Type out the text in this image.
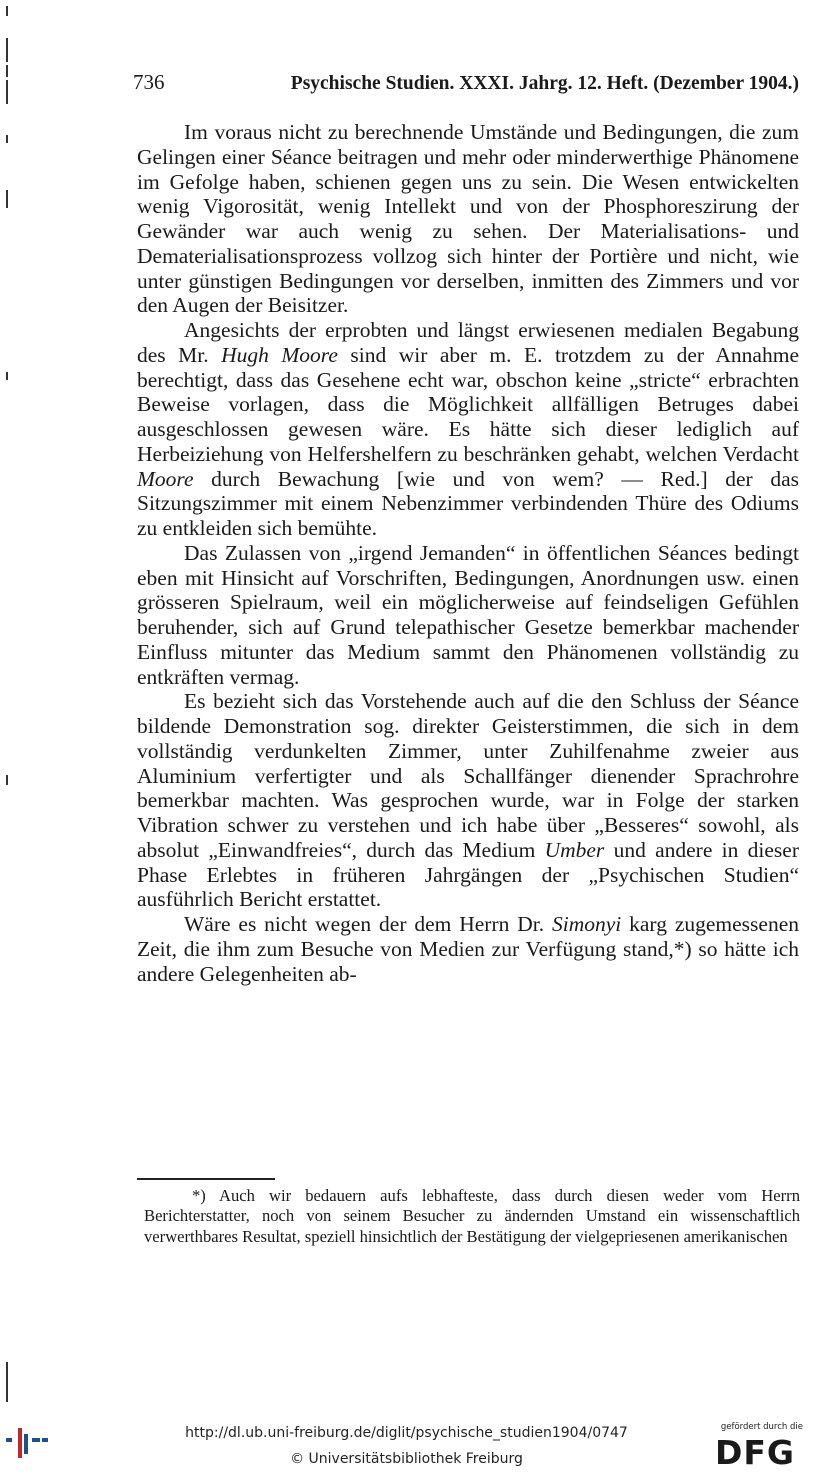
736	Psychische Studien. XXXI. Jahrg. 12. Heft. (Dezember 1904.)

Im voraus nicht zu berechnende Umstände und Bedingungen, die zum Gelingen einer Séance beitragen und mehr oder minderwerthige Phänomene im Gefolge haben, schienen gegen uns zu sein. Die Wesen entwickelten wenig Vigorosität, wenig Intellekt und von der Phosphoreszirung der Gewänder war auch wenig zu sehen. Der Materialisations- und Dematerialisationsprozess vollzog sich hinter der Portière und nicht, wie unter günstigen Bedingungen vor derselben, inmitten des Zimmers und vor den Augen der Beisitzer.

Angesichts der erprobten und längst erwiesenen medialen Begabung des Mr. Hugh Moore sind wir aber m. E. trotzdem zu der Annahme berechtigt, dass das Gesehene echt war, obschon keine „stricte“ erbrachten Beweise vorlagen, dass die Möglichkeit allfälligen Betruges dabei ausgeschlossen gewesen wäre. Es hätte sich dieser lediglich auf Herbeiziehung von Helfershelfern zu beschränken gehabt, welchen Verdacht Moore durch Bewachung [wie und von wem? — Red.] der das Sitzungszimmer mit einem Nebenzimmer verbindenden Thüre des Odiums zu entkleiden sich bemühte.

Das Zulassen von „irgend Jemanden“ in öffentlichen Séances bedingt eben mit Hinsicht auf Vorschriften, Bedingungen, Anordnungen usw. einen grösseren Spielraum, weil ein möglicherweise auf feindseligen Gefühlen beruhender, sich auf Grund telepathischer Gesetze bemerkbar machender Einfluss mitunter das Medium sammt den Phänomenen vollständig zu entkräften vermag.

Es bezieht sich das Vorstehende auch auf die den Schluss der Séance bildende Demonstration sog. direkter Geisterstimmen, die sich in dem vollständig verdunkelten Zimmer, unter Zuhilfenahme zweier aus Aluminium verfertigter und als Schallfänger dienender Sprachrohre bemerkbar machten. Was gesprochen wurde, war in Folge der starken Vibration schwer zu verstehen und ich habe über „Besseres“ sowohl, als absolut „Einwandfreies“, durch das Medium Umber und andere in dieser Phase Erlebtes in früheren Jahrgängen der „Psychischen Studien“ ausführlich Bericht erstattet.

Wäre es nicht wegen der dem Herrn Dr. Simonyi karg zugemessenen Zeit, die ihm zum Besuche von Medien zur Verfügung stand,*) so hätte ich andere Gelegenheiten ab-

*) Auch wir bedauern aufs lebhafteste, dass durch diesen weder vom Herrn Berichterstatter, noch von seinem Besucher zu ändernden Umstand ein wissenschaftlich verwerthbares Resultat, speziell hinsichtlich der Bestätigung der vielgepriesenen amerikanischen

http://dl.ub.uni-freiburg.de/diglit/psychische_studien1904/0747
© Universitätsbibliothek Freiburg
gefördert durch die
DFG
